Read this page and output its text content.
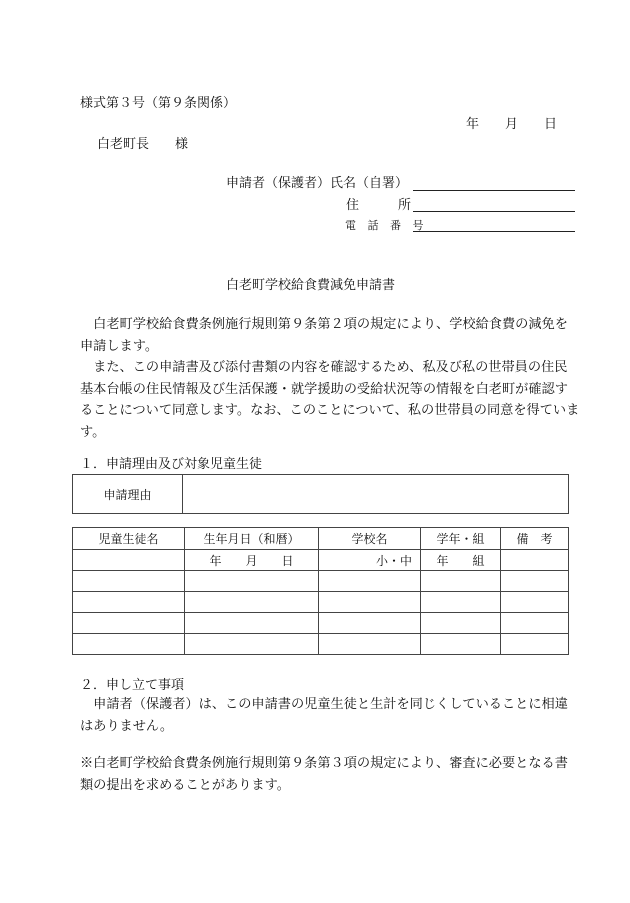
様式第３号（第９条関係）
年　　月　　日
白老町長　　様
申請者（保護者）氏名（自署）
住　　　所
電 話 番 号
白老町学校給食費減免申請書

　白老町学校給食費条例施行規則第９条第２項の規定により、学校給食費の減免を申請します。

　また、この申請書及び添付書類の内容を確認するため、私及び私の世帯員の住民基本台帳の住民情報及び生活保護・就学援助の受給状況等の情報を白老町が確認することについて同意します。なお、このことについて、私の世帯員の同意を得ています。

１．申請理由及び対象児童生徒
申請理由	
児童生徒名	生年月日（和暦）	学校名	学年・組	備　考
	年　　月　　日	小・中	年　　組	

２．申し立て事項
　申請者（保護者）は、この申請書の児童生徒と生計を同じくしていることに相違はありません。
※白老町学校給食費条例施行規則第９条第３項の規定により、審査に必要となる書類の提出を求めることがあります。
